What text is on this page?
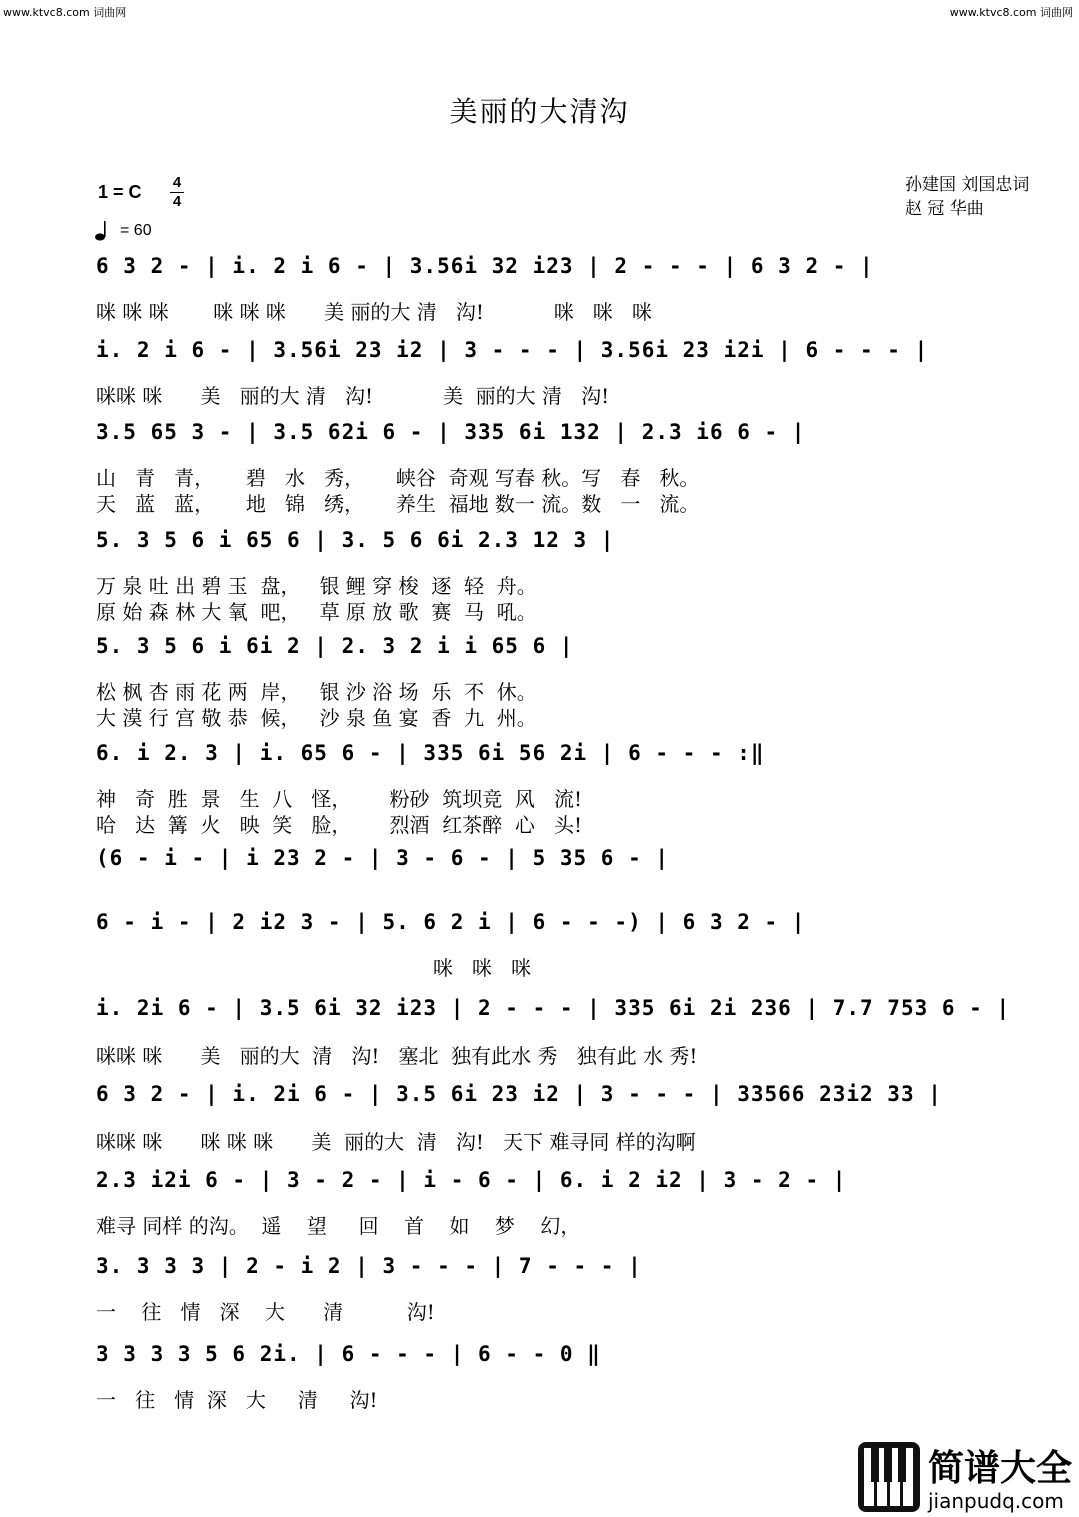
www.ktvc8.com 词曲网	www.ktvc8.com 词曲网
美丽的大清沟
1 = C 4
4
= 60
孙建国 刘国忠词
赵 冠 华曲
6 3 2 - | i. 2 i 6 - | 3.56i 32 i23 | 2 - - - | 6 3 2 - |
咪 咪 咪       咪 咪 咪      美 丽的大 清   沟!           咪   咪   咪
i. 2 i 6 - | 3.56i 23 i2 | 3 - - - | 3.56i 23 i2i | 6 - - - |
咪咪 咪      美   丽的大 清   沟!           美  丽的大 清   沟!
3.5 65 3 - | 3.5 62i 6 - | 335 6i 132 | 2.3 i6 6 - |
山   青   青，     碧   水   秀，     峡谷  奇观 写春 秋。写   春   秋。
天   蓝   蓝，     地   锦   绣，     养生  福地 数一 流。数   一   流。
5. 3 5 6 i 65 6 | 3. 5 6 6i 2.3 12 3 |
万 泉 吐 出 碧 玉  盘，   银 鲤 穿 梭  逐  轻  舟。
原 始 森 林 大 氧  吧，   草 原 放 歌  赛  马  吼。
5. 3 5 6 i 6i 2 | 2. 3 2 i i 65 6 |
松 枫 杏 雨 花 两  岸，   银 沙 浴 场  乐  不  休。
大 漠 行 宫 敬 恭  候，   沙 泉 鱼 宴  香  九  州。
6. i 2. 3 | i. 65 6 - | 335 6i 56 2i | 6 - - - :‖
神   奇  胜  景   生  八   怪，      粉砂  筑坝竞  风   流!
哈   达  篝  火   映  笑   脸，      烈酒  红茶醉  心   头!
(6 - i - | i 23 2 - | 3 - 6 - | 5 35 6 - |
6 - i - | 2 i2 3 - | 5. 6 2 i | 6 - - -) | 6 3 2 - |
咪   咪   咪
i. 2i 6 - | 3.5 6i 32 i23 | 2 - - - | 335 6i 2i 236 | 7.7 753 6 - |
咪咪 咪      美   丽的大  清   沟!   塞北  独有此水 秀   独有此 水 秀!
6 3 2 - | i. 2i 6 - | 3.5 6i 23 i2 | 3 - - - | 33566 23i2 33 |
咪咪 咪      咪 咪 咪      美  丽的大  清   沟!   天下 难寻同 样的沟啊
2.3 i2i 6 - | 3 - 2 - | i - 6 - | 6. i 2 i2 | 3 - 2 - |
难寻 同样 的沟。  遥    望     回    首    如    梦    幻，
3. 3 3 3 | 2 - i 2 | 3 - - - | 7 - - - |
一    往   情   深    大      清          沟!
3 3 3 3 5 6 2i. | 6 - - - | 6 - - 0 ‖
一   往   情  深   大     清     沟!
简谱大全
jianpudq.com
